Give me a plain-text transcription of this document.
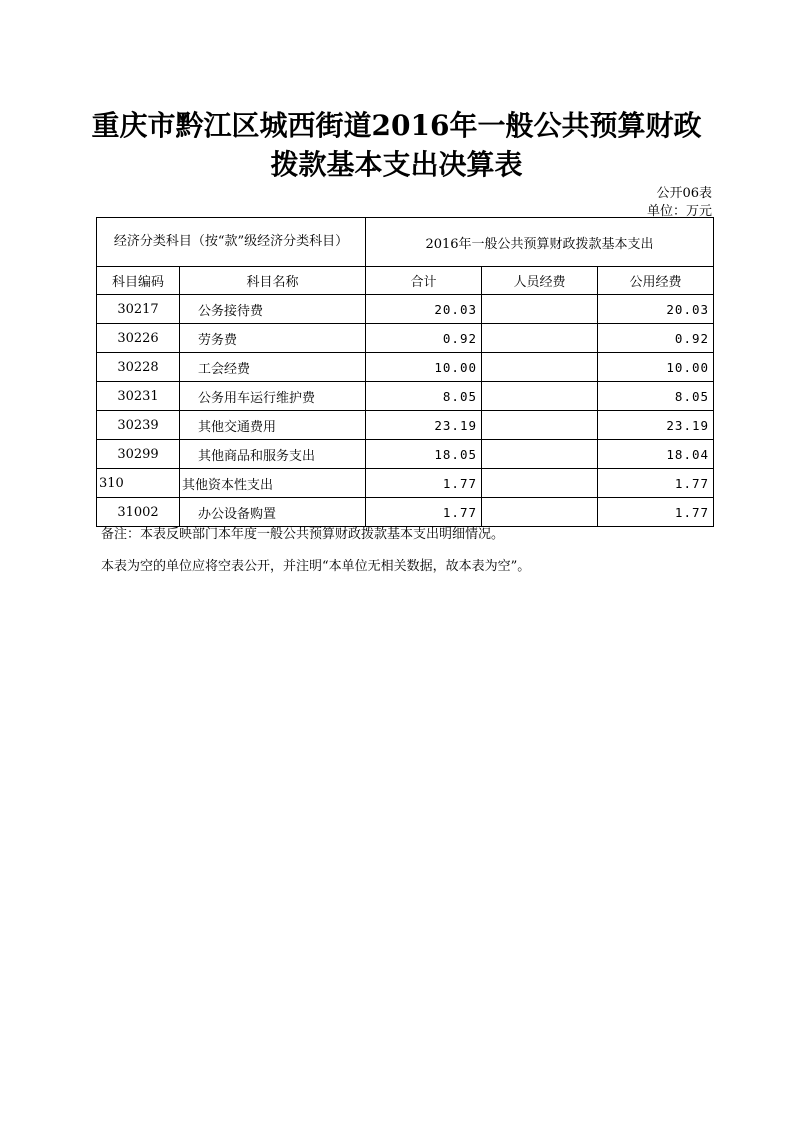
重庆市黔江区城西街道2016年一般公共预算财政
拨款基本支出决算表
公开06表
单位：万元
经济分类科目（按“款”级经济分类科目）		2016年一般公共预算财政拨款基本支出		
科目编码	科目名称	合计	人员经费	公用经费
30217	公务接待费	20.03		20.03
30226	劳务费	0.92		0.92
30228	工会经费	10.00		10.00
30231	公务用车运行维护费	8.05		8.05
30239	其他交通费用	23.19		23.19
30299	其他商品和服务支出	18.05		18.04
310	其他资本性支出	1.77		1.77
31002	办公设备购置	1.77		1.77
备注：本表反映部门本年度一般公共预算财政拨款基本支出明细情况。
本表为空的单位应将空表公开，并注明“本单位无相关数据，故本表为空”。
